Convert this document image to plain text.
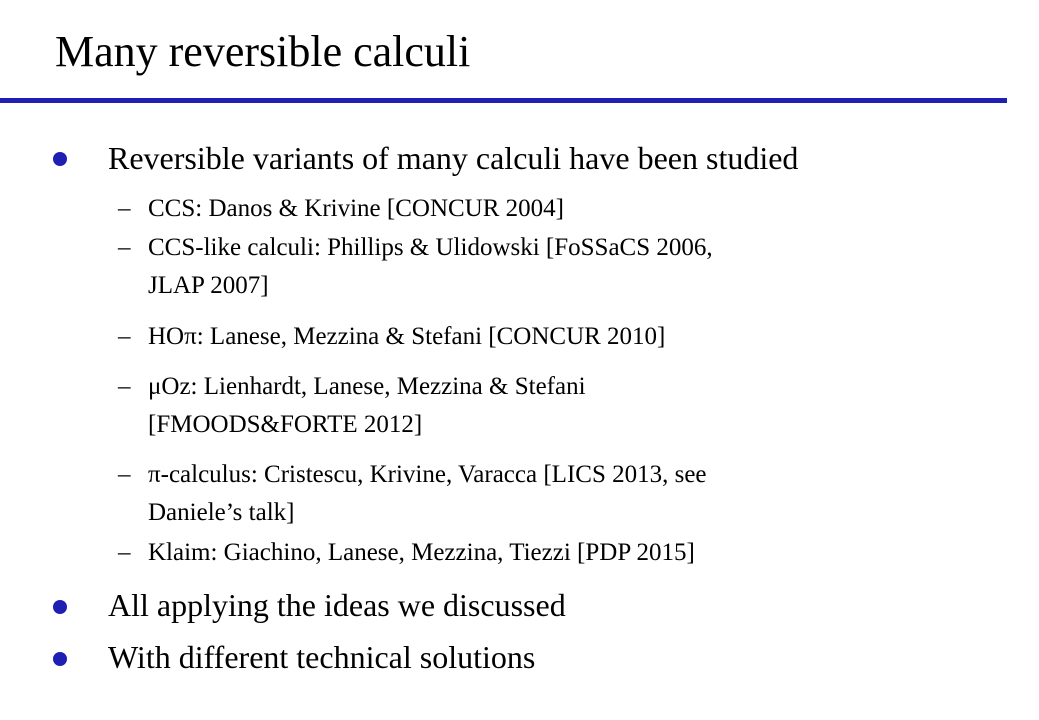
Many reversible calculi
Reversible variants of many calculi have been studied
– CCS: Danos & Krivine [CONCUR 2004]
– CCS-like calculi: Phillips & Ulidowski [FoSSaCS 2006,
JLAP 2007]
– HOπ: Lanese, Mezzina & Stefani [CONCUR 2010]
– μOz: Lienhardt, Lanese, Mezzina & Stefani
[FMOODS&FORTE 2012]
– π-calculus: Cristescu, Krivine, Varacca [LICS 2013, see
Daniele’s talk]
– Klaim: Giachino, Lanese, Mezzina, Tiezzi [PDP 2015]
All applying the ideas we discussed
With different technical solutions
